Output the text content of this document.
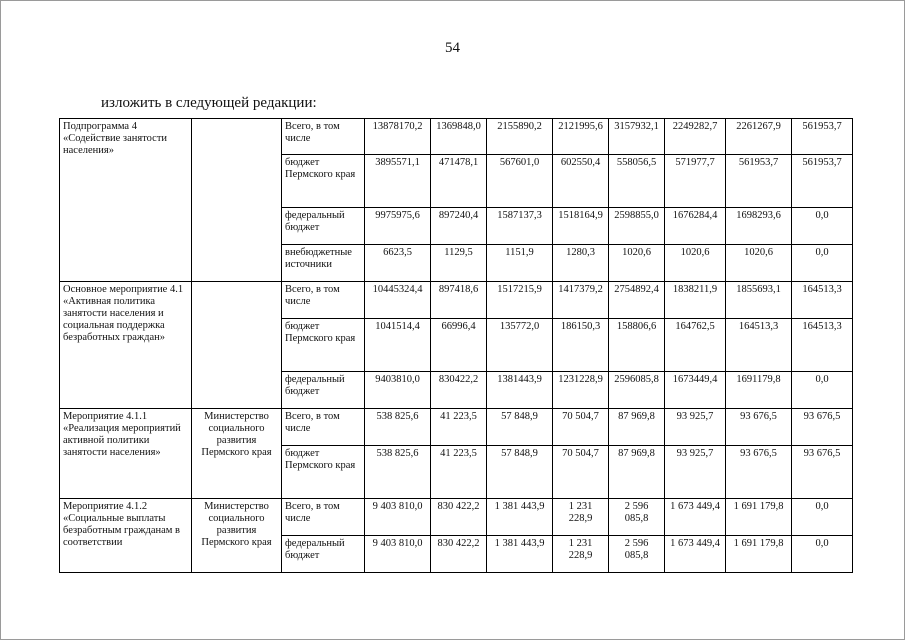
54
изложить в следующей редакции:
Подпрограмма 4 «Содействие занятости населения»		Всего, в том числе	13878170,2	1369848,0	2155890,2	2121995,6	3157932,1	2249282,7	2261267,9	561953,7
		бюджет Пермского края	3895571,1	471478,1	567601,0	602550,4	558056,5	571977,7	561953,7	561953,7
		федеральный бюджет	9975975,6	897240,4	1587137,3	1518164,9	2598855,0	1676284,4	1698293,6	0,0
		внебюджетные источники	6623,5	1129,5	1151,9	1280,3	1020,6	1020,6	1020,6	0,0
Основное мероприятие 4.1 «Активная политика занятости населения и социальная поддержка безработных граждан»		Всего, в том числе	10445324,4	897418,6	1517215,9	1417379,2	2754892,4	1838211,9	1855693,1	164513,3
		бюджет Пермского края	1041514,4	66996,4	135772,0	186150,3	158806,6	164762,5	164513,3	164513,3
		федеральный бюджет	9403810,0	830422,2	1381443,9	1231228,9	2596085,8	1673449,4	1691179,8	0,0
Мероприятие 4.1.1 «Реализация мероприятий активной политики занятости населения»	Министерство социального развития Пермского края	Всего, в том числе	538 825,6	41 223,5	57 848,9	70 504,7	87 969,8	93 925,7	93 676,5	93 676,5
		бюджет Пермского края	538 825,6	41 223,5	57 848,9	70 504,7	87 969,8	93 925,7	93 676,5	93 676,5
Мероприятие 4.1.2 «Социальные выплаты безработным гражданам в соответствии	Министерство социального развития Пермского края	Всего, в том числе	9 403 810,0	830 422,2	1 381 443,9	1 231 228,9	2 596 085,8	1 673 449,4	1 691 179,8	0,0
		федеральный бюджет	9 403 810,0	830 422,2	1 381 443,9	1 231 228,9	2 596 085,8	1 673 449,4	1 691 179,8	0,0
